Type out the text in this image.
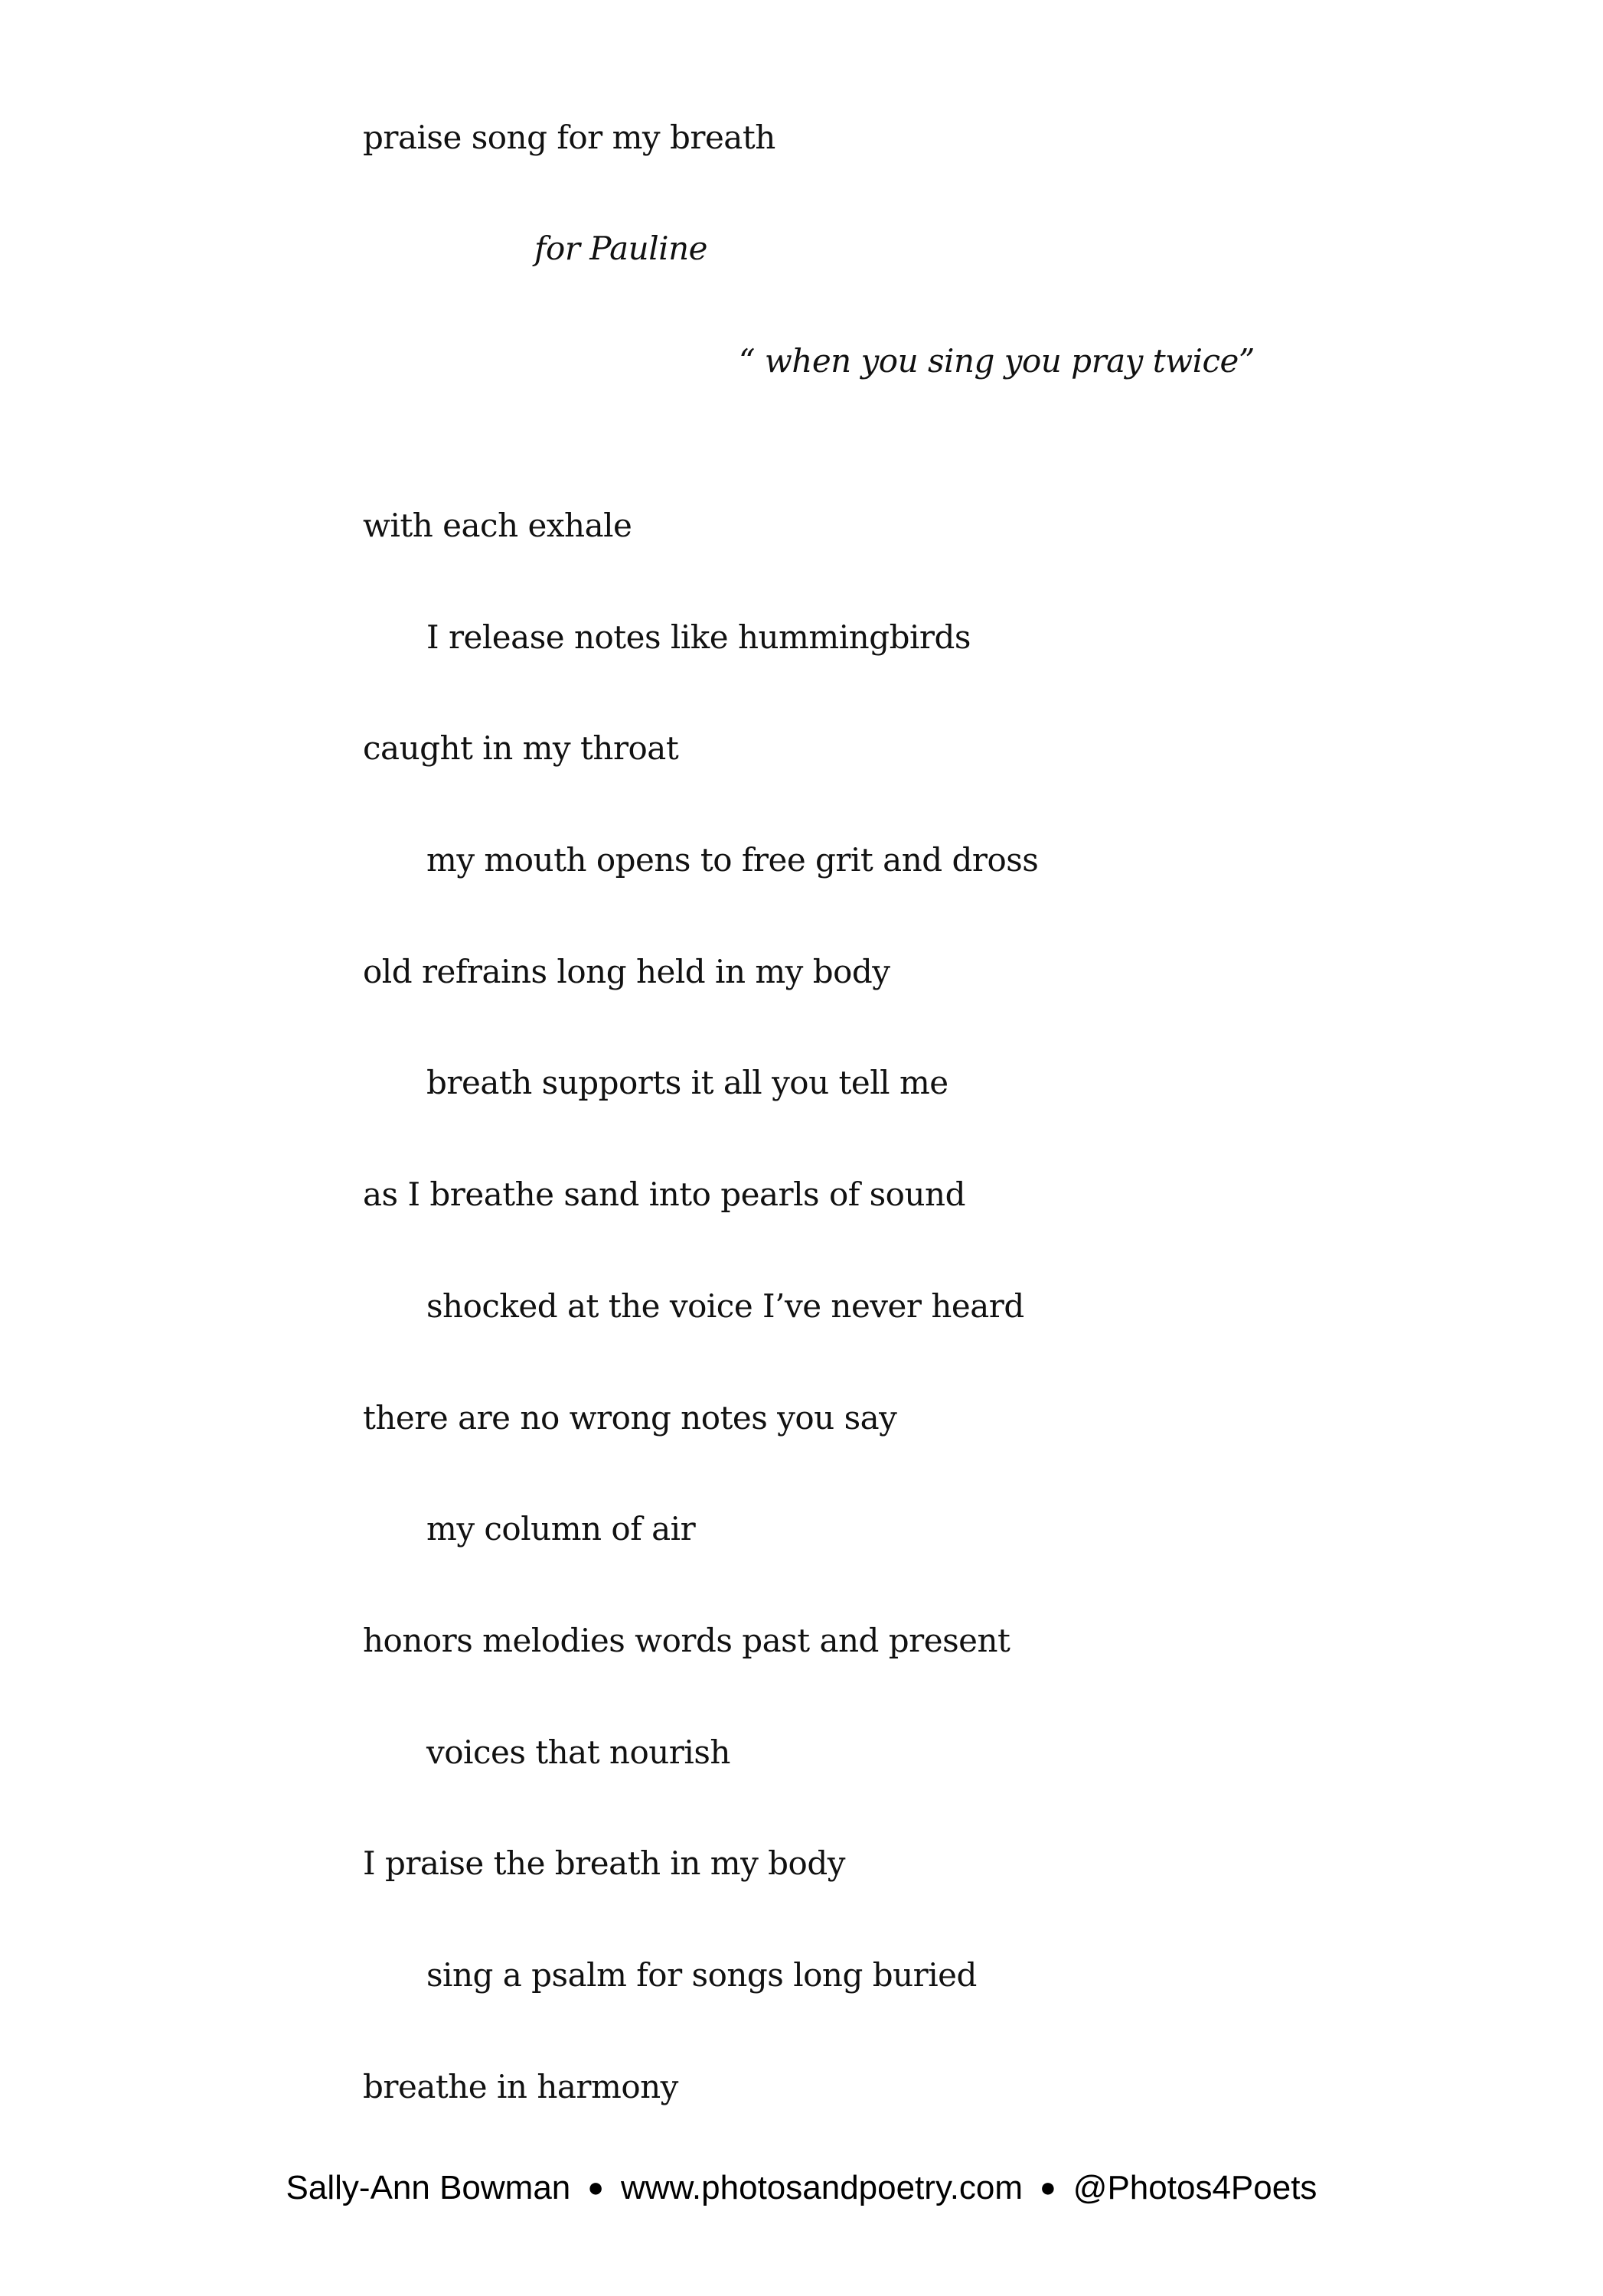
praise song for my breath
for Pauline
“ when you sing you pray twice”
with each exhale
I release notes like hummingbirds
caught in my throat
my mouth opens to free grit and dross
old refrains long held in my body
breath supports it all you tell me
as I breathe sand into pearls of sound
shocked at the voice I’ve never heard
there are no wrong notes you say
my column of air
honors melodies words past and present
voices that nourish
I praise the breath in my body
sing a psalm for songs long buried
breathe in harmony
Sally-Ann Bowman ● www.photosandpoetry.com ● @Photos4Poets
